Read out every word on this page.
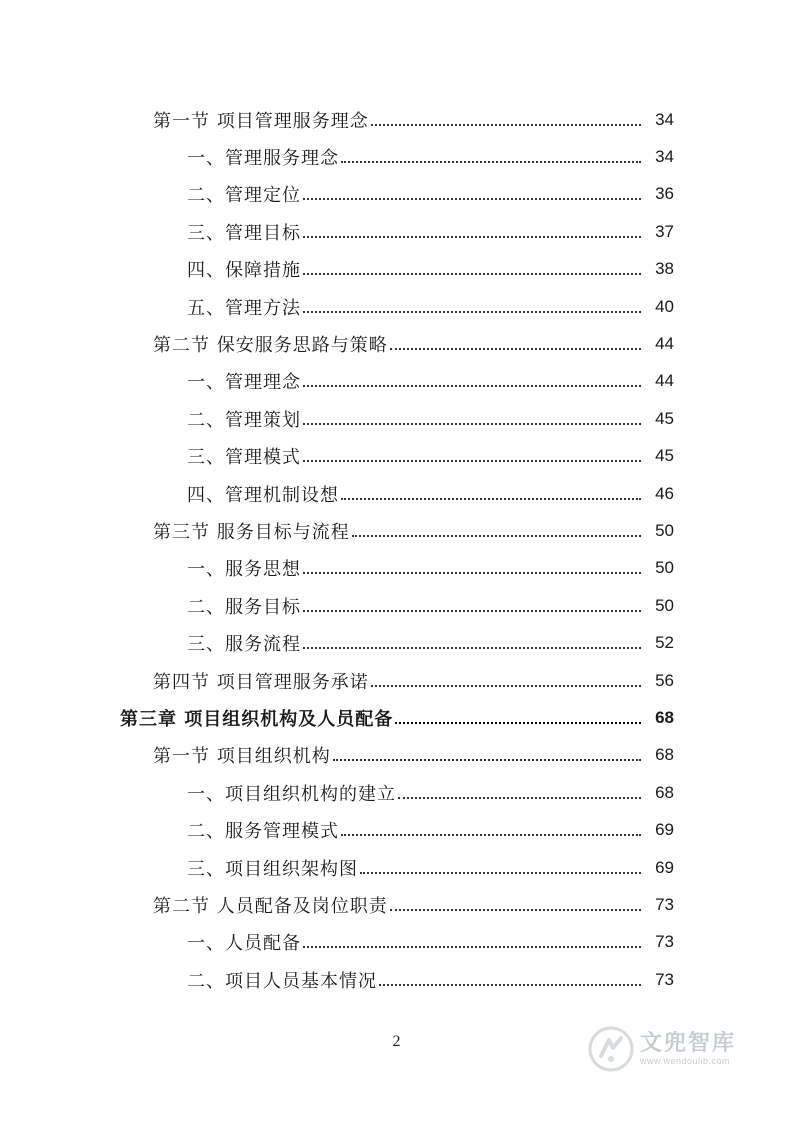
第一节 项目管理服务理念	34
一、管理服务理念	34
二、管理定位	36
三、管理目标	37
四、保障措施	38
五、管理方法	40
第二节 保安服务思路与策略	44
一、管理理念	44
二、管理策划	45
三、管理模式	45
四、管理机制设想	46
第三节 服务目标与流程	50
一、服务思想	50
二、服务目标	50
三、服务流程	52
第四节 项目管理服务承诺	56
第三章 项目组织机构及人员配备	68
第一节 项目组织机构	68
一、项目组织机构的建立	68
二、服务管理模式	69
三、项目组织架构图	69
第二节 人员配备及岗位职责	73
一、人员配备	73
二、项目人员基本情况	73
2	文兜智库
www.wendoulib.com
